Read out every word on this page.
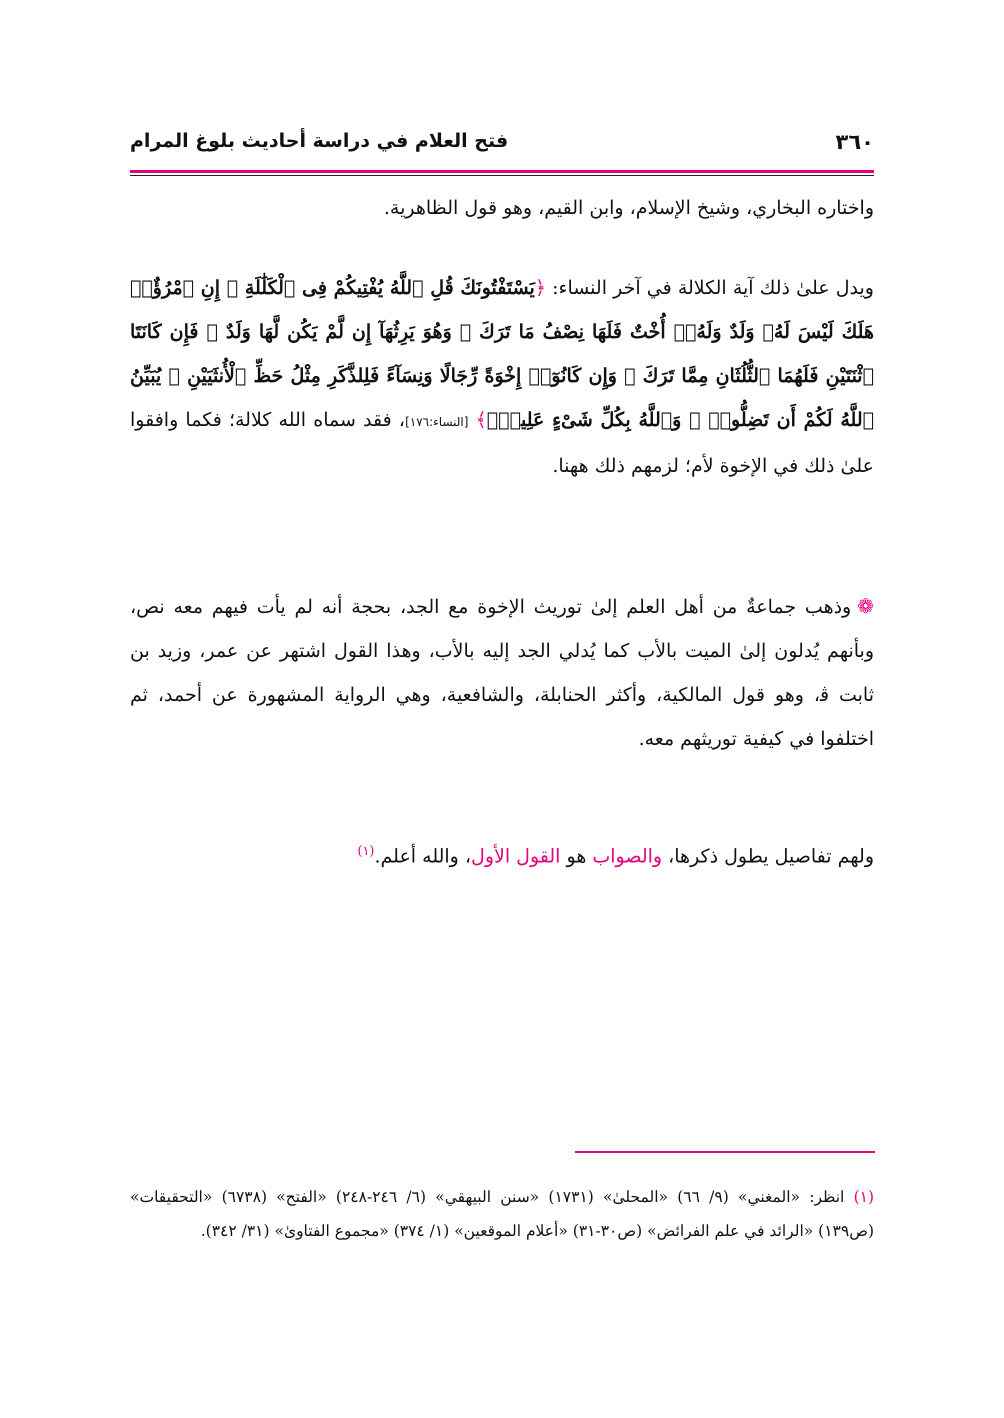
٣٦٠
فتح العلام في دراسة أحاديث بلوغ المرام

واختاره البخاري، وشيخ الإسلام، وابن القيم، وهو قول الظاهرية.

ويدل علىٰ ذلك آية الكلالة في آخر النساء: ﴿يَسْتَفْتُونَكَ قُلِ ٱللَّهُ يُفْتِيكُمْ فِى ٱلْكَلَٰلَةِ ۚ إِنِ ٱمْرُؤٌا۟ هَلَكَ لَيْسَ لَهُۥ وَلَدٌ وَلَهُۥٓ أُخْتٌ فَلَهَا نِصْفُ مَا تَرَكَ ۚ وَهُوَ يَرِثُهَآ إِن لَّمْ يَكُن لَّهَا وَلَدٌ ۚ فَإِن كَانَتَا ٱثْنَتَيْنِ فَلَهُمَا ٱلثُّلُثَانِ مِمَّا تَرَكَ ۚ وَإِن كَانُوٓا۟ إِخْوَةً رِّجَالًا وَنِسَآءً فَلِلذَّكَرِ مِثْلُ حَظِّ ٱلْأُنثَيَيْنِ ۗ يُبَيِّنُ ٱللَّهُ لَكُمْ أَن تَضِلُّوا۟ ۗ وَٱللَّهُ بِكُلِّ شَىْءٍ عَلِيمٌۢ﴾ [النساء:١٧٦]، فقد سماه الله كلالة؛ فكما وافقوا علىٰ ذلك في الإخوة لأم؛ لزمهم ذلك ههنا.

❁وذهب جماعةٌ من أهل العلم إلىٰ توريث الإخوة مع الجد، بحجة أنه لم يأت فيهم معه نص، وبأنهم يُدلون إلىٰ الميت بالأب كما يُدلي الجد إليه بالأب، وهذا القول اشتهر عن عمر، وزيد بن ثابت ﭬ، وهو قول المالكية، وأكثر الحنابلة، والشافعية، وهي الرواية المشهورة عن أحمد، ثم اختلفوا في كيفية توريثهم معه.

ولهم تفاصيل يطول ذكرها، والصواب هو القول الأول، والله أعلم.$^{(١)}$

(١) انظر: «المغني» (٩/ ٦٦) «المحلیٰ» (١٧٣١) «سنن البيهقي» (٦/ ٢٤٦-٢٤٨) «الفتح» (٦٧٣٨) «التحقيقات» (ص١٣٩) «الرائد في علم الفرائض» (ص٣٠-٣١) «أعلام الموقعين» (١/ ٣٧٤) «مجموع الفتاویٰ» (٣١/ ٣٤٢).
